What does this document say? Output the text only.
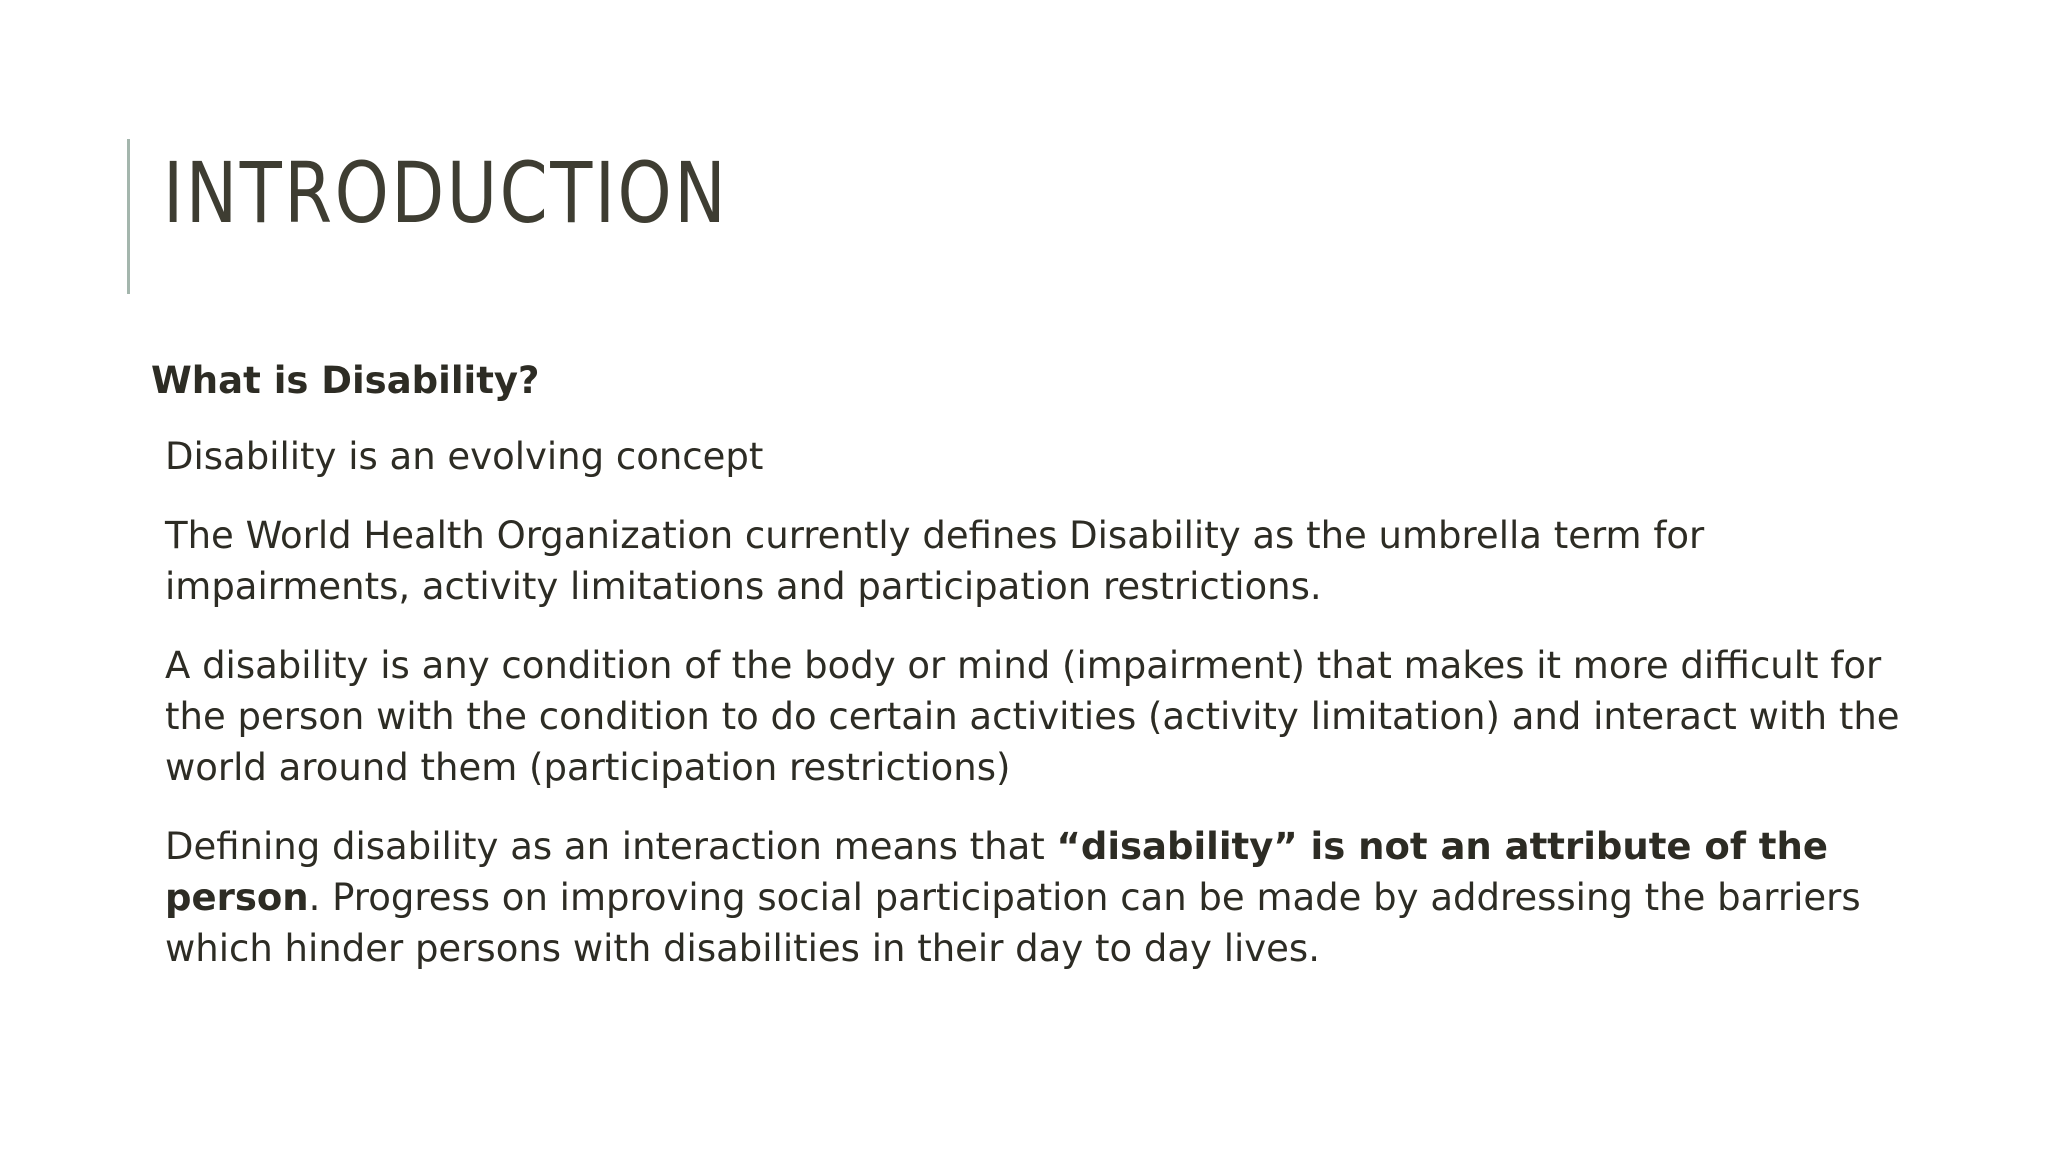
INTRODUCTION

What is Disability?

Disability is an evolving concept

The World Health Organization currently defines Disability as the umbrella term for impairments, activity limitations and participation restrictions.

A disability is any condition of the body or mind (impairment) that makes it more difficult for the person with the condition to do certain activities (activity limitation) and interact with the world around them (participation restrictions)

Defining disability as an interaction means that “disability” is not an attribute of the person. Progress on improving social participation can be made by addressing the barriers which hinder persons with disabilities in their day to day lives.
